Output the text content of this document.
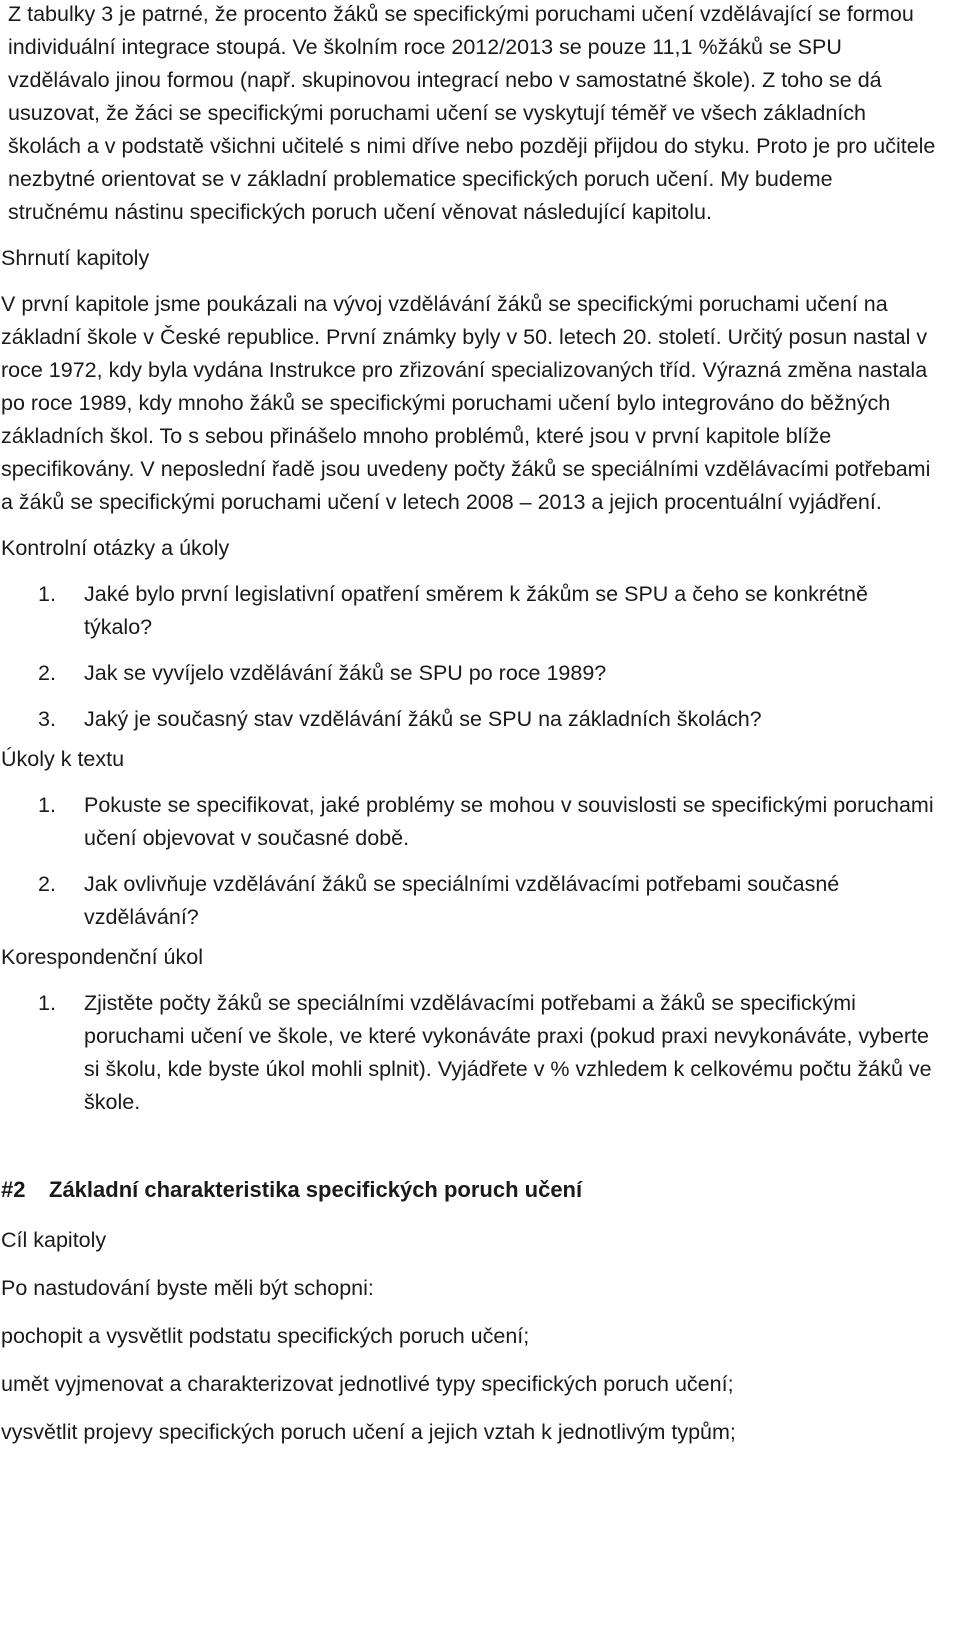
Z tabulky 3 je patrné, že procento žáků se specifickými poruchami učení vzdělávající se formou individuální integrace stoupá. Ve školním roce 2012/2013 se pouze 11,1 %žáků se SPU vzdělávalo jinou formou (např. skupinovou integrací nebo v samostatné škole). Z toho se dá usuzovat, že žáci se specifickými poruchami učení se vyskytují téměř ve všech základních školách a v podstatě všichni učitelé s nimi dříve nebo později přijdou do styku. Proto je pro učitele nezbytné orientovat se v základní problematice specifických poruch učení. My budeme stručnému nástinu specifických poruch učení věnovat následující kapitolu.

Shrnutí kapitoly

V první kapitole jsme poukázali na vývoj vzdělávání žáků se specifickými poruchami učení na základní škole v České republice. První známky byly v 50. letech 20. století. Určitý posun nastal v roce 1972, kdy byla vydána Instrukce pro zřizování specializovaných tříd. Výrazná změna nastala po roce 1989, kdy mnoho žáků se specifickými poruchami učení bylo integrováno do běžných základních škol. To s sebou přinášelo mnoho problémů, které jsou v první kapitole blíže specifikovány. V neposlední řadě jsou uvedeny počty žáků se speciálními vzdělávacími potřebami a žáků se specifickými poruchami učení v letech 2008 – 2013 a jejich procentuální vyjádření.

Kontrolní otázky a úkoly

1. Jaké bylo první legislativní opatření směrem k žákům se SPU a čeho se konkrétně týkalo?
2. Jak se vyvíjelo vzdělávání žáků se SPU po roce 1989?
3. Jaký je současný stav vzdělávání žáků se SPU na základních školách?

Úkoly k textu

1. Pokuste se specifikovat, jaké problémy se mohou v souvislosti se specifickými poruchami učení objevovat v současné době.
2. Jak ovlivňuje vzdělávání žáků se speciálními vzdělávacími potřebami současné vzdělávání?

Korespondenční úkol

1. Zjistěte počty žáků se speciálními vzdělávacími potřebami a žáků se specifickými poruchami učení ve škole, ve které vykonáváte praxi (pokud praxi nevykonáváte, vyberte si školu, kde byste úkol mohli splnit). Vyjádřete v % vzhledem k celkovému počtu žáků ve škole.
#2 Základní charakteristika specifických poruch učení

Cíl kapitoly

Po nastudování byste měli být schopni:

pochopit a vysvětlit podstatu specifických poruch učení;

umět vyjmenovat a charakterizovat jednotlivé typy specifických poruch učení;

vysvětlit projevy specifických poruch učení a jejich vztah k jednotlivým typům;
